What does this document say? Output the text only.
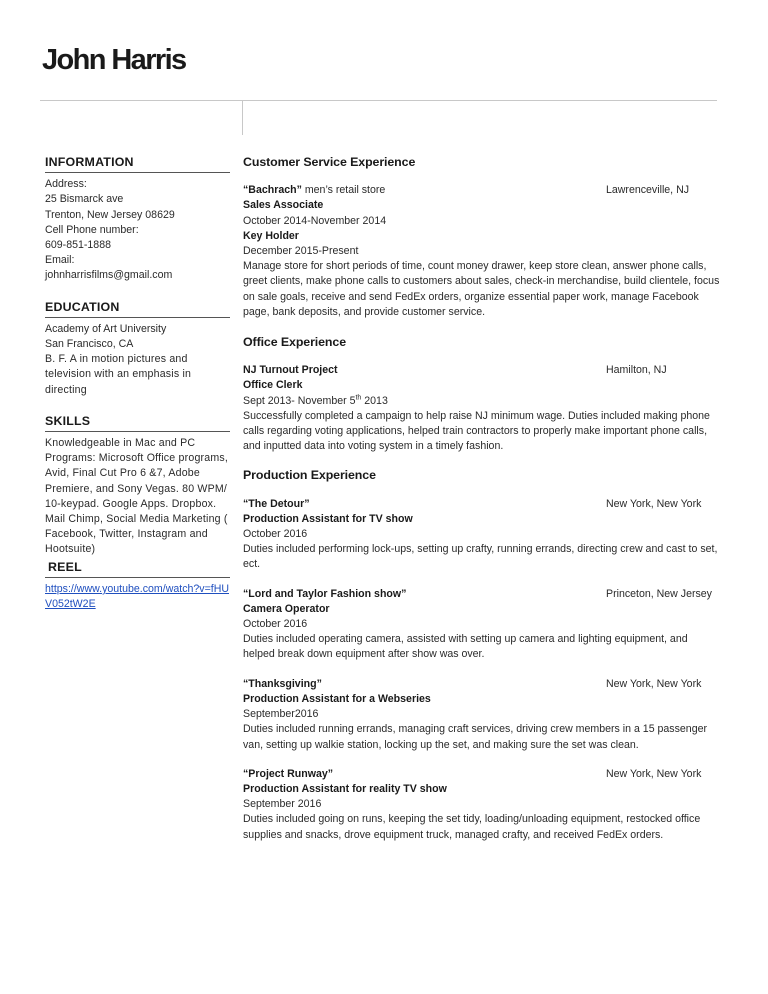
John Harris
INFORMATION
Address:
25 Bismarck ave
Trenton, New Jersey 08629
Cell Phone number:
609-851-1888
Email:
johnharrisfilms@gmail.com
EDUCATION
Academy of Art University
San Francisco, CA
B. F. A in motion pictures and television with an emphasis in directing
SKILLS
Knowledgeable in Mac and PC Programs: Microsoft Office programs, Avid, Final Cut Pro 6 &7, Adobe Premiere, and Sony Vegas. 80 WPM/ 10-keypad. Google Apps. Dropbox. Mail Chimp, Social Media Marketing ( Facebook, Twitter, Instagram and Hootsuite)
REEL
https://www.youtube.com/watch?v=fHUV052tW2E
Customer Service Experience
“Bachrach” men’s retail store	Lawrenceville, NJ
Sales Associate
October 2014-November 2014
Key Holder
December 2015-Present
Manage store for short periods of time, count money drawer, keep store clean, answer phone calls, greet clients, make phone calls to customers about sales, check-in merchandise, build clientele, focus on sale goals, receive and send FedEx orders, organize essential paper work, manage Facebook page, bank deposits, and provide customer service.
Office Experience
NJ Turnout Project	Hamilton, NJ
Office Clerk
Sept 2013- November 5th 2013
Successfully completed a campaign to help raise NJ minimum wage. Duties included making phone calls regarding voting applications, helped train contractors to properly make important phone calls, and inputted data into voting system in a timely fashion.
Production Experience
“The Detour”	New York, New York
Production Assistant for TV show
October 2016
Duties included performing lock-ups, setting up crafty, running errands, directing crew and cast to set, ect.
“Lord and Taylor Fashion show”	Princeton, New Jersey
Camera Operator
October 2016
Duties included operating camera, assisted with setting up camera and lighting equipment, and helped break down equipment after show was over.
“Thanksgiving”	New York, New York
Production Assistant for a Webseries
September2016
Duties included running errands, managing craft services, driving crew members in a 15 passenger van, setting up walkie station, locking up the set, and making sure the set was clean.
“Project Runway”	New York, New York
Production Assistant for reality TV show
September 2016
Duties included going on runs, keeping the set tidy, loading/unloading equipment, restocked office supplies and snacks, drove equipment truck, managed crafty, and received FedEx orders.
